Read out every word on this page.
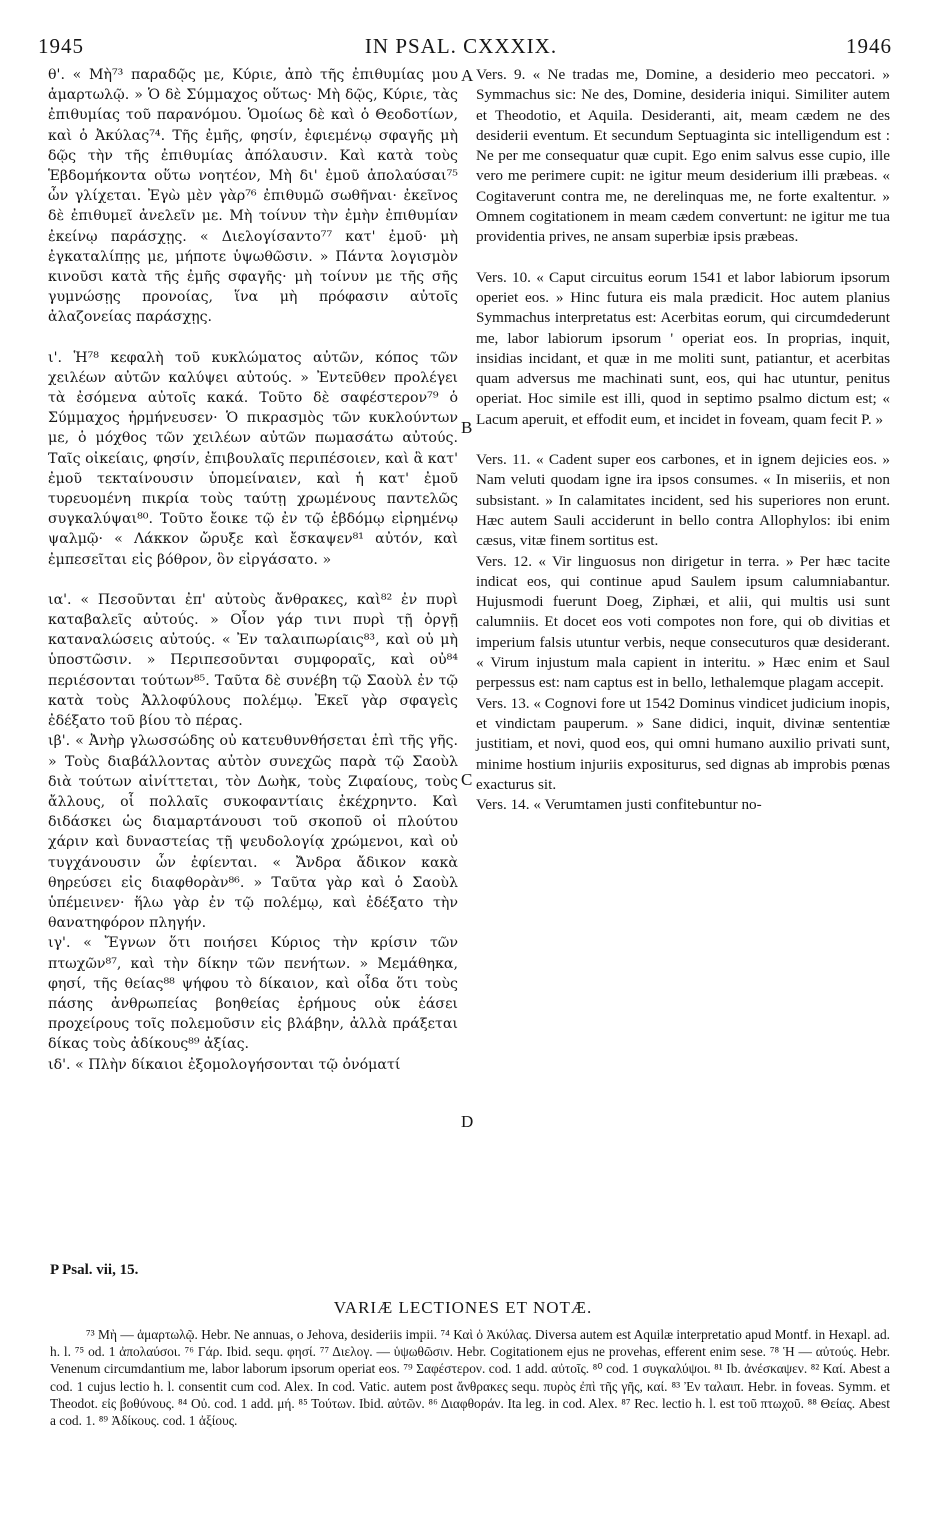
1945	IN PSAL. CXXXIX.	1946

θ'. « Μὴ⁷³ παραδῷς με, Κύριε, ἀπὸ τῆς ἐπιθυμίας μου ἁμαρτωλῷ. » Ὁ δὲ Σύμμαχος οὕτως· Μὴ δῷς, Κύριε, τὰς ἐπιθυμίας τοῦ παρανόμου. Ὁμοίως δὲ καὶ ὁ Θεοδοτίων, καὶ ὁ Ἀκύλας⁷⁴. Τῆς ἐμῆς, φησίν, ἐφιεμένῳ σφαγῆς μὴ δῷς τὴν τῆς ἐπιθυμίας ἀπόλαυσιν. Καὶ κατὰ τοὺς Ἑβδομήκοντα οὕτω νοητέον, Μὴ δι' ἐμοῦ ἀπολαύσαι⁷⁵ ὧν γλίχεται. Ἐγὼ μὲν γὰρ⁷⁶ ἐπιθυμῶ σωθῆναι· ἐκεῖνος δὲ ἐπιθυμεῖ ἀνελεῖν με. Μὴ τοίνυν τὴν ἐμὴν ἐπιθυμίαν ἐκείνῳ παράσχῃς. « Διελογίσαντο⁷⁷ κατ' ἐμοῦ· μὴ ἐγκαταλίπῃς με, μήποτε ὑψωθῶσιν. » Πάντα λογισμὸν κινοῦσι κατὰ τῆς ἐμῆς σφαγῆς· μὴ τοίνυν με τῆς σῆς γυμνώσῃς προνοίας, ἵνα μὴ πρόφασιν αὐτοῖς ἀλαζονείας παράσχῃς.

ι'. Ἡ⁷⁸ κεφαλὴ τοῦ κυκλώματος αὐτῶν, κόπος τῶν χειλέων αὐτῶν καλύψει αὐτούς. » Ἐντεῦθεν προλέγει τὰ ἐσόμενα αὐτοῖς κακά. Τοῦτο δὲ σαφέστερον⁷⁹ ὁ Σύμμαχος ἡρμήνευσεν· Ὁ πικρασμὸς τῶν κυκλούντων με, ὁ μόχθος τῶν χειλέων αὐτῶν πωμασάτω αὐτούς. Ταῖς οἰκείαις, φησίν, ἐπιβουλαῖς περιπέσοιεν, καὶ ἃ κατ' ἐμοῦ τεκταίνουσιν ὑπομείναιεν, καὶ ἡ κατ' ἐμοῦ τυρευομένη πικρία τοὺς ταύτῃ χρωμένους παντελῶς συγκαλύψαι⁸⁰. Τοῦτο ἔοικε τῷ ἐν τῷ ἑβδόμῳ εἰρημένῳ ψαλμῷ· « Λάκκον ὤρυξε καὶ ἔσκαψεν⁸¹ αὐτόν, καὶ ἐμπεσεῖται εἰς βόθρον, ὃν εἰργάσατο. »

ια'. « Πεσοῦνται ἐπ' αὐτοὺς ἄνθρακες, καὶ⁸² ἐν πυρὶ καταβαλεῖς αὐτούς. » Οἷον γάρ τινι πυρὶ τῇ ὀργῇ καταναλώσεις αὐτούς. « Ἐν ταλαιπωρίαις⁸³, καὶ οὐ μὴ ὑποστῶσιν. » Περιπεσοῦνται συμφοραῖς, καὶ οὐ⁸⁴ περιέσονται τούτων⁸⁵. Ταῦτα δὲ συνέβη τῷ Σαοὺλ ἐν τῷ κατὰ τοὺς Ἀλλοφύλους πολέμῳ. Ἐκεῖ γὰρ σφαγεὶς ἐδέξατο τοῦ βίου τὸ πέρας.

ιβ'. « Ἀνὴρ γλωσσώδης οὐ κατευθυνθήσεται ἐπὶ τῆς γῆς. » Τοὺς διαβάλλοντας αὐτὸν συνεχῶς παρὰ τῷ Σαοὺλ διὰ τούτων αἰνίττεται, τὸν Δωὴκ, τοὺς Ζιφαίους, τοὺς ἄλλους, οἷ πολλαῖς συκοφαντίαις ἐκέχρηντο. Καὶ διδάσκει ὡς διαμαρτάνουσι τοῦ σκοποῦ οἱ πλούτου χάριν καὶ δυναστείας τῇ ψευδολογίᾳ χρώμενοι, καὶ οὐ τυγχάνουσιν ὧν ἐφίενται. « Ἄνδρα ἄδικον κακὰ θηρεύσει εἰς διαφθορὰν⁸⁶. » Ταῦτα γὰρ καὶ ὁ Σαοὺλ ὑπέμεινεν· ἥλω γὰρ ἐν τῷ πολέμῳ, καὶ ἐδέξατο τὴν θανατηφόρον πληγήν.

ιγ'. « Ἔγνων ὅτι ποιήσει Κύριος τὴν κρίσιν τῶν πτωχῶν⁸⁷, καὶ τὴν δίκην τῶν πενήτων. » Μεμάθηκα, φησί, τῆς θείας⁸⁸ ψήφου τὸ δίκαιον, καὶ οἶδα ὅτι τοὺς πάσης ἀνθρωπείας βοηθείας ἐρήμους οὐκ ἐάσει προχείρους τοῖς πολεμοῦσιν εἰς βλάβην, ἀλλὰ πράξεται δίκας τοὺς ἀδίκους⁸⁹ ἀξίας.

ιδ'. « Πλὴν δίκαιοι ἐξομολογήσονται τῷ ὀνόματί

A
B
C
D

Vers. 9. « Ne tradas me, Domine, a desiderio meo peccatori. » Symmachus sic: Ne des, Domine, desideria iniqui. Similiter autem et Theodotio, et Aquila. Desideranti, ait, meam cædem ne des desiderii eventum. Et secundum Septuaginta sic intelligendum est : Ne per me consequatur quæ cupit. Ego enim salvus esse cupio, ille vero me perimere cupit: ne igitur meum desiderium illi præbeas. « Cogitaverunt contra me, ne derelinquas me, ne forte exaltentur. » Omnem cogitationem in meam cædem convertunt: ne igitur me tua providentia prives, ne ansam superbiæ ipsis præbeas.

Vers. 10. « Caput circuitus eorum 1541 et labor labiorum ipsorum operiet eos. » Hinc futura eis mala prædicit. Hoc autem planius Symmachus interpretatus est: Acerbitas eorum, qui circumdederunt me, labor labiorum ipsorum ' operiat eos. In proprias, inquit, insidias incidant, et quæ in me moliti sunt, patiantur, et acerbitas quam adversus me machinati sunt, eos, qui hac utuntur, penitus operiat. Hoc simile est illi, quod in septimo psalmo dictum est; « Lacum aperuit, et effodit eum, et incidet in foveam, quam fecit P. »

Vers. 11. « Cadent super eos carbones, et in ignem dejicies eos. » Nam veluti quodam igne ira ipsos consumes. « In miseriis, et non subsistant. » In calamitates incident, sed his superiores non erunt. Hæc autem Sauli acciderunt in bello contra Allophylos: ibi enim cæsus, vitæ finem sortitus est.

Vers. 12. « Vir linguosus non dirigetur in terra. » Per hæc tacite indicat eos, qui continue apud Saulem ipsum calumniabantur. Hujusmodi fuerunt Doeg, Ziphæi, et alii, qui multis usi sunt calumniis. Et docet eos voti compotes non fore, qui ob divitias et imperium falsis utuntur verbis, neque consecuturos quæ desiderant. « Virum injustum mala capient in interitu. » Hæc enim et Saul perpessus est: nam captus est in bello, lethalemque plagam accepit.

Vers. 13. « Cognovi fore ut 1542 Dominus vindicet judicium inopis, et vindictam pauperum. » Sane didici, inquit, divinæ sententiæ justitiam, et novi, quod eos, qui omni humano auxilio privati sunt, minime hostium injuriis expositurus, sed dignas ab improbis pœnas exacturus sit.

Vers. 14. « Verumtamen justi confitebuntur no-

P Psal. vii, 15.
VARIÆ LECTIONES ET NOTÆ.

⁷³ Μὴ — ἁμαρτωλῷ. Hebr. Ne annuas, o Jehova, desideriis impii. ⁷⁴ Καὶ ὁ Ἀκύλας. Diversa autem est Aquilæ interpretatio apud Montf. in Hexapl. ad. h. l. ⁷⁵ od. 1 ἀπολαύσοι. ⁷⁶ Γάρ. Ibid. sequ. φησί. ⁷⁷ Διελογ. — ὑψωθῶσιν. Hebr. Cogitationem ejus ne provehas, efferent enim sese. ⁷⁸ Ἡ — αὐτούς. Hebr. Venenum circumdantium me, labor laborum ipsorum operiat eos. ⁷⁹ Σαφέστερον. cod. 1 add. αὐτοῖς. ⁸⁰ cod. 1 συγκαλύψοι. ⁸¹ Ib. ἀνέσκαψεν. ⁸² Καί. Abest a cod. 1 cujus lectio h. l. consentit cum cod. Alex. In cod. Vatic. autem post ἄνθρακες sequ. πυρὸς ἐπὶ τῆς γῆς, καί. ⁸³ Ἐν ταλαιπ. Hebr. in foveas. Symm. et Theodot. εἰς βοθύνους. ⁸⁴ Οὐ. cod. 1 add. μή. ⁸⁵ Τούτων. Ibid. αὐτῶν. ⁸⁶ Διαφθοράν. Ita leg. in cod. Alex. ⁸⁷ Rec. lectio h. l. est τοῦ πτωχοῦ. ⁸⁸ Θείας. Abest a cod. 1. ⁸⁹ Ἀδίκους. cod. 1 ἀξίους.
